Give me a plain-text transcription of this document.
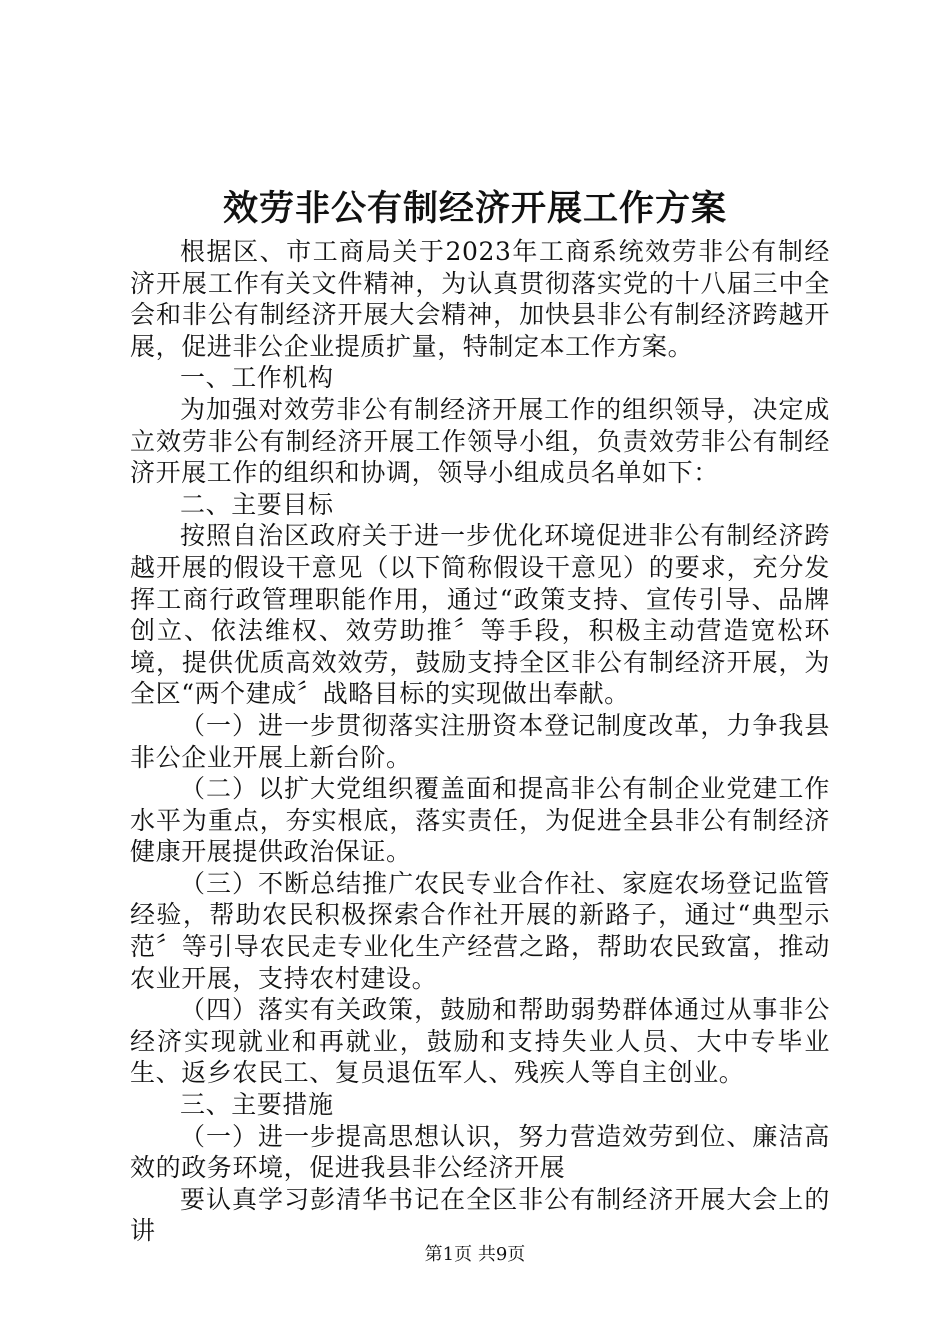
效劳非公有制经济开展工作方案

根据区、市工商局关于2023年工商系统效劳非公有制经济开展工作有关文件精神，为认真贯彻落实党的十八届三中全会和非公有制经济开展大会精神，加快县非公有制经济跨越开展，促进非公企业提质扩量，特制定本工作方案。

一、工作机构

为加强对效劳非公有制经济开展工作的组织领导，决定成立效劳非公有制经济开展工作领导小组，负责效劳非公有制经济开展工作的组织和协调，领导小组成员名单如下：

二、主要目标

按照自治区政府关于进一步优化环境促进非公有制经济跨越开展的假设干意见（以下简称假设干意见）的要求，充分发挥工商行政管理职能作用，通过“政策支持、宣传引导、品牌创立、依法维权、效劳助推〞等手段，积极主动营造宽松环境，提供优质高效效劳，鼓励支持全区非公有制经济开展，为全区“两个建成〞战略目标的实现做出奉献。

（一）进一步贯彻落实注册资本登记制度改革，力争我县非公企业开展上新台阶。

（二）以扩大党组织覆盖面和提高非公有制企业党建工作水平为重点，夯实根底，落实责任，为促进全县非公有制经济健康开展提供政治保证。

（三）不断总结推广农民专业合作社、家庭农场登记监管经验，帮助农民积极探索合作社开展的新路子，通过“典型示范〞等引导农民走专业化生产经营之路，帮助农民致富，推动农业开展，支持农村建设。

（四）落实有关政策，鼓励和帮助弱势群体通过从事非公经济实现就业和再就业，鼓励和支持失业人员、大中专毕业生、返乡农民工、复员退伍军人、残疾人等自主创业。

三、主要措施

（一）进一步提高思想认识，努力营造效劳到位、廉洁高效的政务环境，促进我县非公经济开展

要认真学习彭清华书记在全区非公有制经济开展大会上的讲

第1页 共9页
